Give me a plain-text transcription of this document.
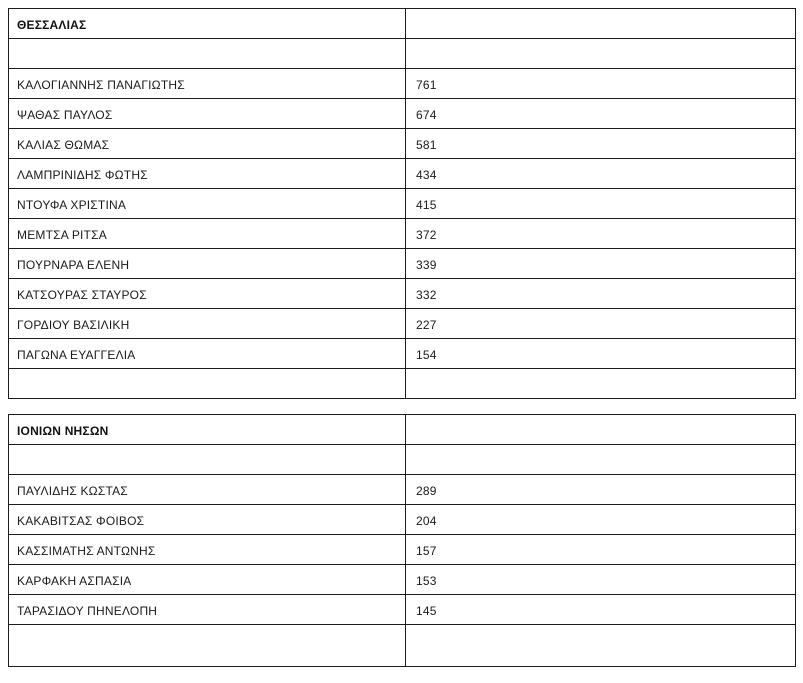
ΘΕΣΣΑΛΙΑΣ	

ΚΑΛΟΓΙΑΝΝΗΣ ΠΑΝΑΓΙΩΤΗΣ	761
ΨΑΘΑΣ ΠΑΥΛΟΣ	674
ΚΑΛΙΑΣ ΘΩΜΑΣ	581
ΛΑΜΠΡΙΝΙΔΗΣ ΦΩΤΗΣ	434
ΝΤΟΥΦΑ ΧΡΙΣΤΙΝΑ	415
ΜΕΜΤΣΑ ΡΙΤΣΑ	372
ΠΟΥΡΝΑΡΑ ΕΛΕΝΗ	339
ΚΑΤΣΟΥΡΑΣ ΣΤΑΥΡΟΣ	332
ΓΟΡΔΙΟΥ ΒΑΣΙΛΙΚΗ	227
ΠΑΓΩΝΑ ΕΥΑΓΓΕΛΙΑ	154

ΙΟΝΙΩΝ ΝΗΣΩΝ	

ΠΑΥΛΙΔΗΣ ΚΩΣΤΑΣ	289
ΚΑΚΑΒΙΤΣΑΣ ΦΟΙΒΟΣ	204
ΚΑΣΣΙΜΑΤΗΣ ΑΝΤΩΝΗΣ	157
ΚΑΡΦΑΚΗ ΑΣΠΑΣΙΑ	153
ΤΑΡΑΣΙΔΟΥ ΠΗΝΕΛΟΠΗ	145
